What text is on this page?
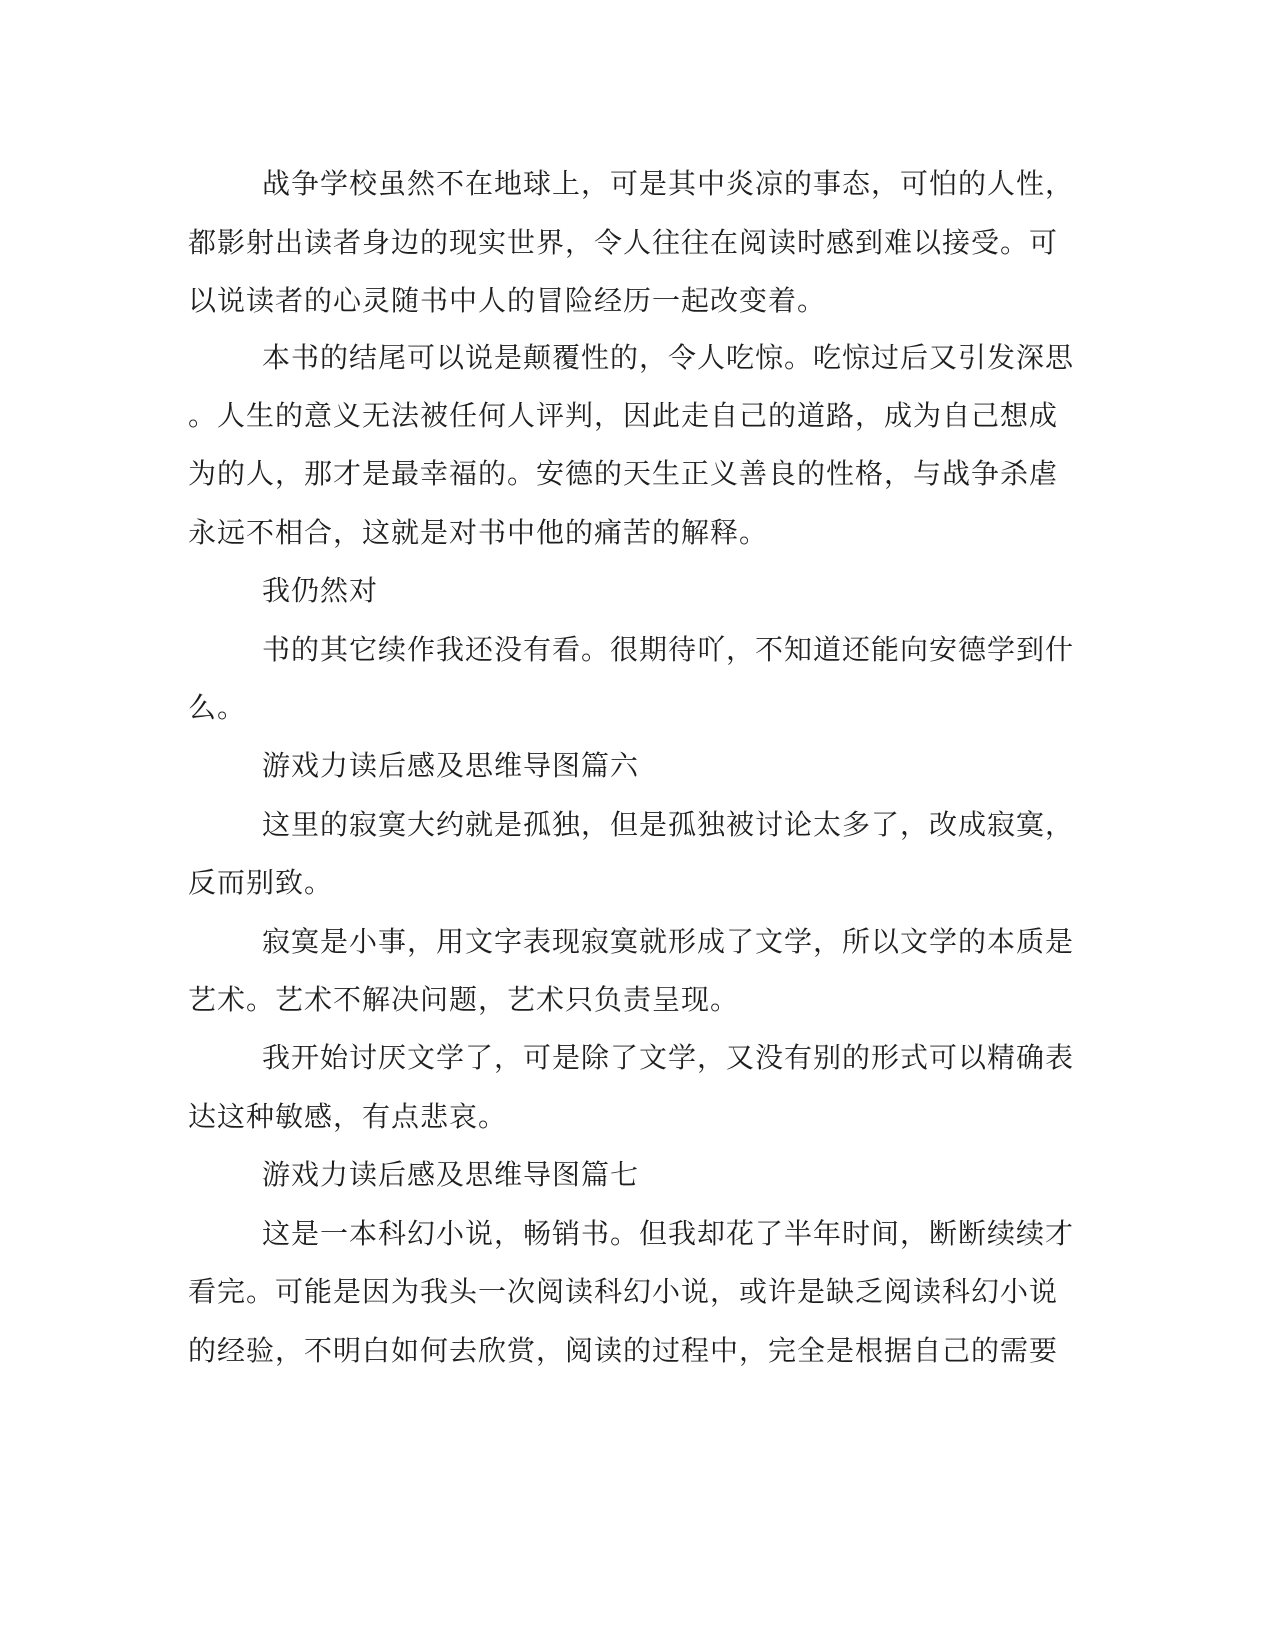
战争学校虽然不在地球上，可是其中炎凉的事态，可怕的人性，
都影射出读者身边的现实世界，令人往往在阅读时感到难以接受。可
以说读者的心灵随书中人的冒险经历一起改变着。
本书的结尾可以说是颠覆性的，令人吃惊。吃惊过后又引发深思
。人生的意义无法被任何人评判，因此走自己的道路，成为自己想成
为的人，那才是最幸福的。安德的天生正义善良的性格，与战争杀虐
永远不相合，这就是对书中他的痛苦的解释。
我仍然对
书的其它续作我还没有看。很期待吖，不知道还能向安德学到什
么。
游戏力读后感及思维导图篇六
这里的寂寞大约就是孤独，但是孤独被讨论太多了，改成寂寞，
反而别致。
寂寞是小事，用文字表现寂寞就形成了文学，所以文学的本质是
艺术。艺术不解决问题，艺术只负责呈现。
我开始讨厌文学了，可是除了文学，又没有别的形式可以精确表
达这种敏感，有点悲哀。
游戏力读后感及思维导图篇七
这是一本科幻小说，畅销书。但我却花了半年时间，断断续续才
看完。可能是因为我头一次阅读科幻小说，或许是缺乏阅读科幻小说
的经验，不明白如何去欣赏，阅读的过程中，完全是根据自己的需要
